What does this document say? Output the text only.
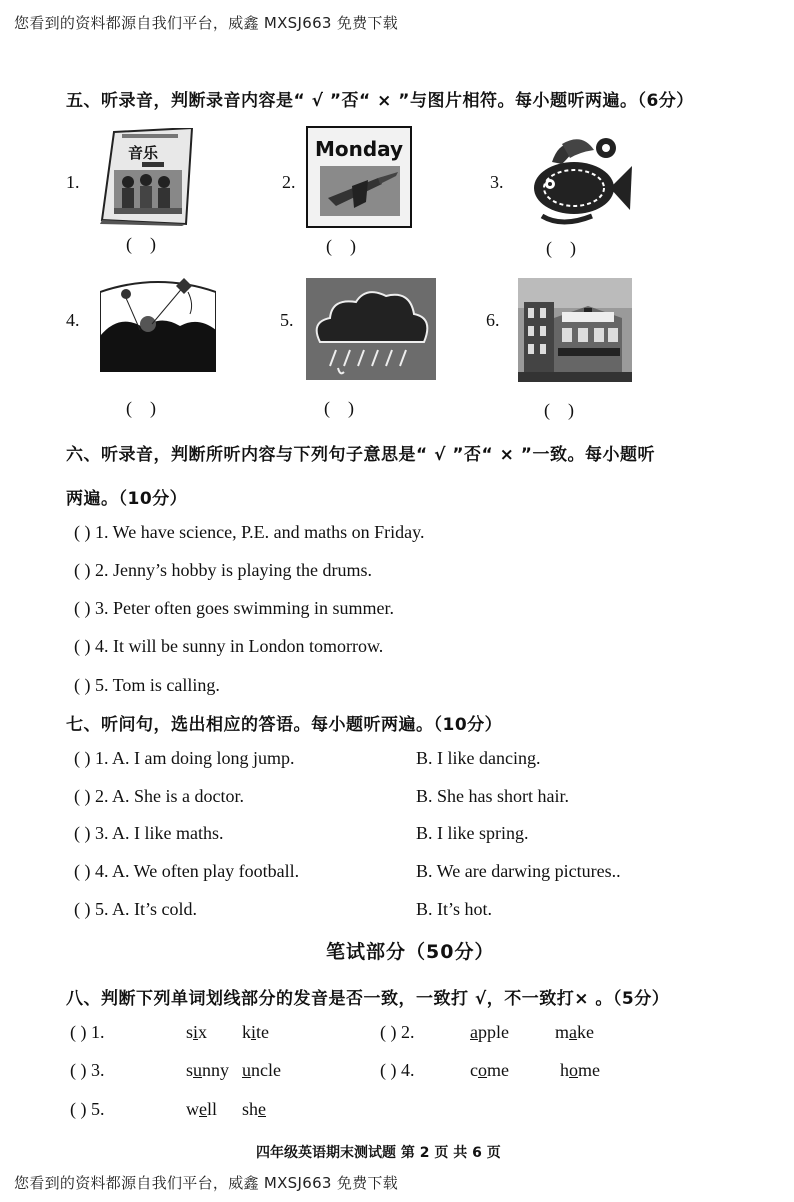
您看到的资料都源自我们平台，威鑫 MXSJ663 免费下载
您看到的资料都源自我们平台，威鑫 MXSJ663 免费下载
五、听录音，判断录音内容是“ √ ”否“ × ”与图片相符。每小题听两遍。（6分）
1.
音乐
(    )
2.
Monday
(    )
3.
(    )
4.
(    )
5.
(    )
6.
(    )
六、听录音，判断所听内容与下列句子意思是“ √ ”否“ × ”一致。每小题听
两遍。（10分）
( ) 1. We have science, P.E. and maths on Friday.
( ) 2. Jenny’s hobby is playing the drums.
( ) 3. Peter often goes swimming in summer.
( ) 4. It will be sunny in London tomorrow.
( ) 5. Tom is calling.
七、听问句，选出相应的答语。每小题听两遍。（10分）
( ) 1. A. I am doing long jump.	B. I like dancing.
( ) 2. A. She is a doctor.	B. She has short hair.
( ) 3. A. I like maths.	B. I like spring.
( ) 4. A. We often play football.	B. We are darwing pictures..
( ) 5. A. It’s cold.	B. It’s hot.
笔试部分（50分）
八、判断下列单词划线部分的发音是否一致，一致打 √，不一致打× 。（5分）
( ) 1.	six kite	( ) 2.	apple	make
( ) 3.	sunny uncle	( ) 4.	come	home
( ) 5.	well she
四年级英语期末测试题 第 2 页 共 6 页
